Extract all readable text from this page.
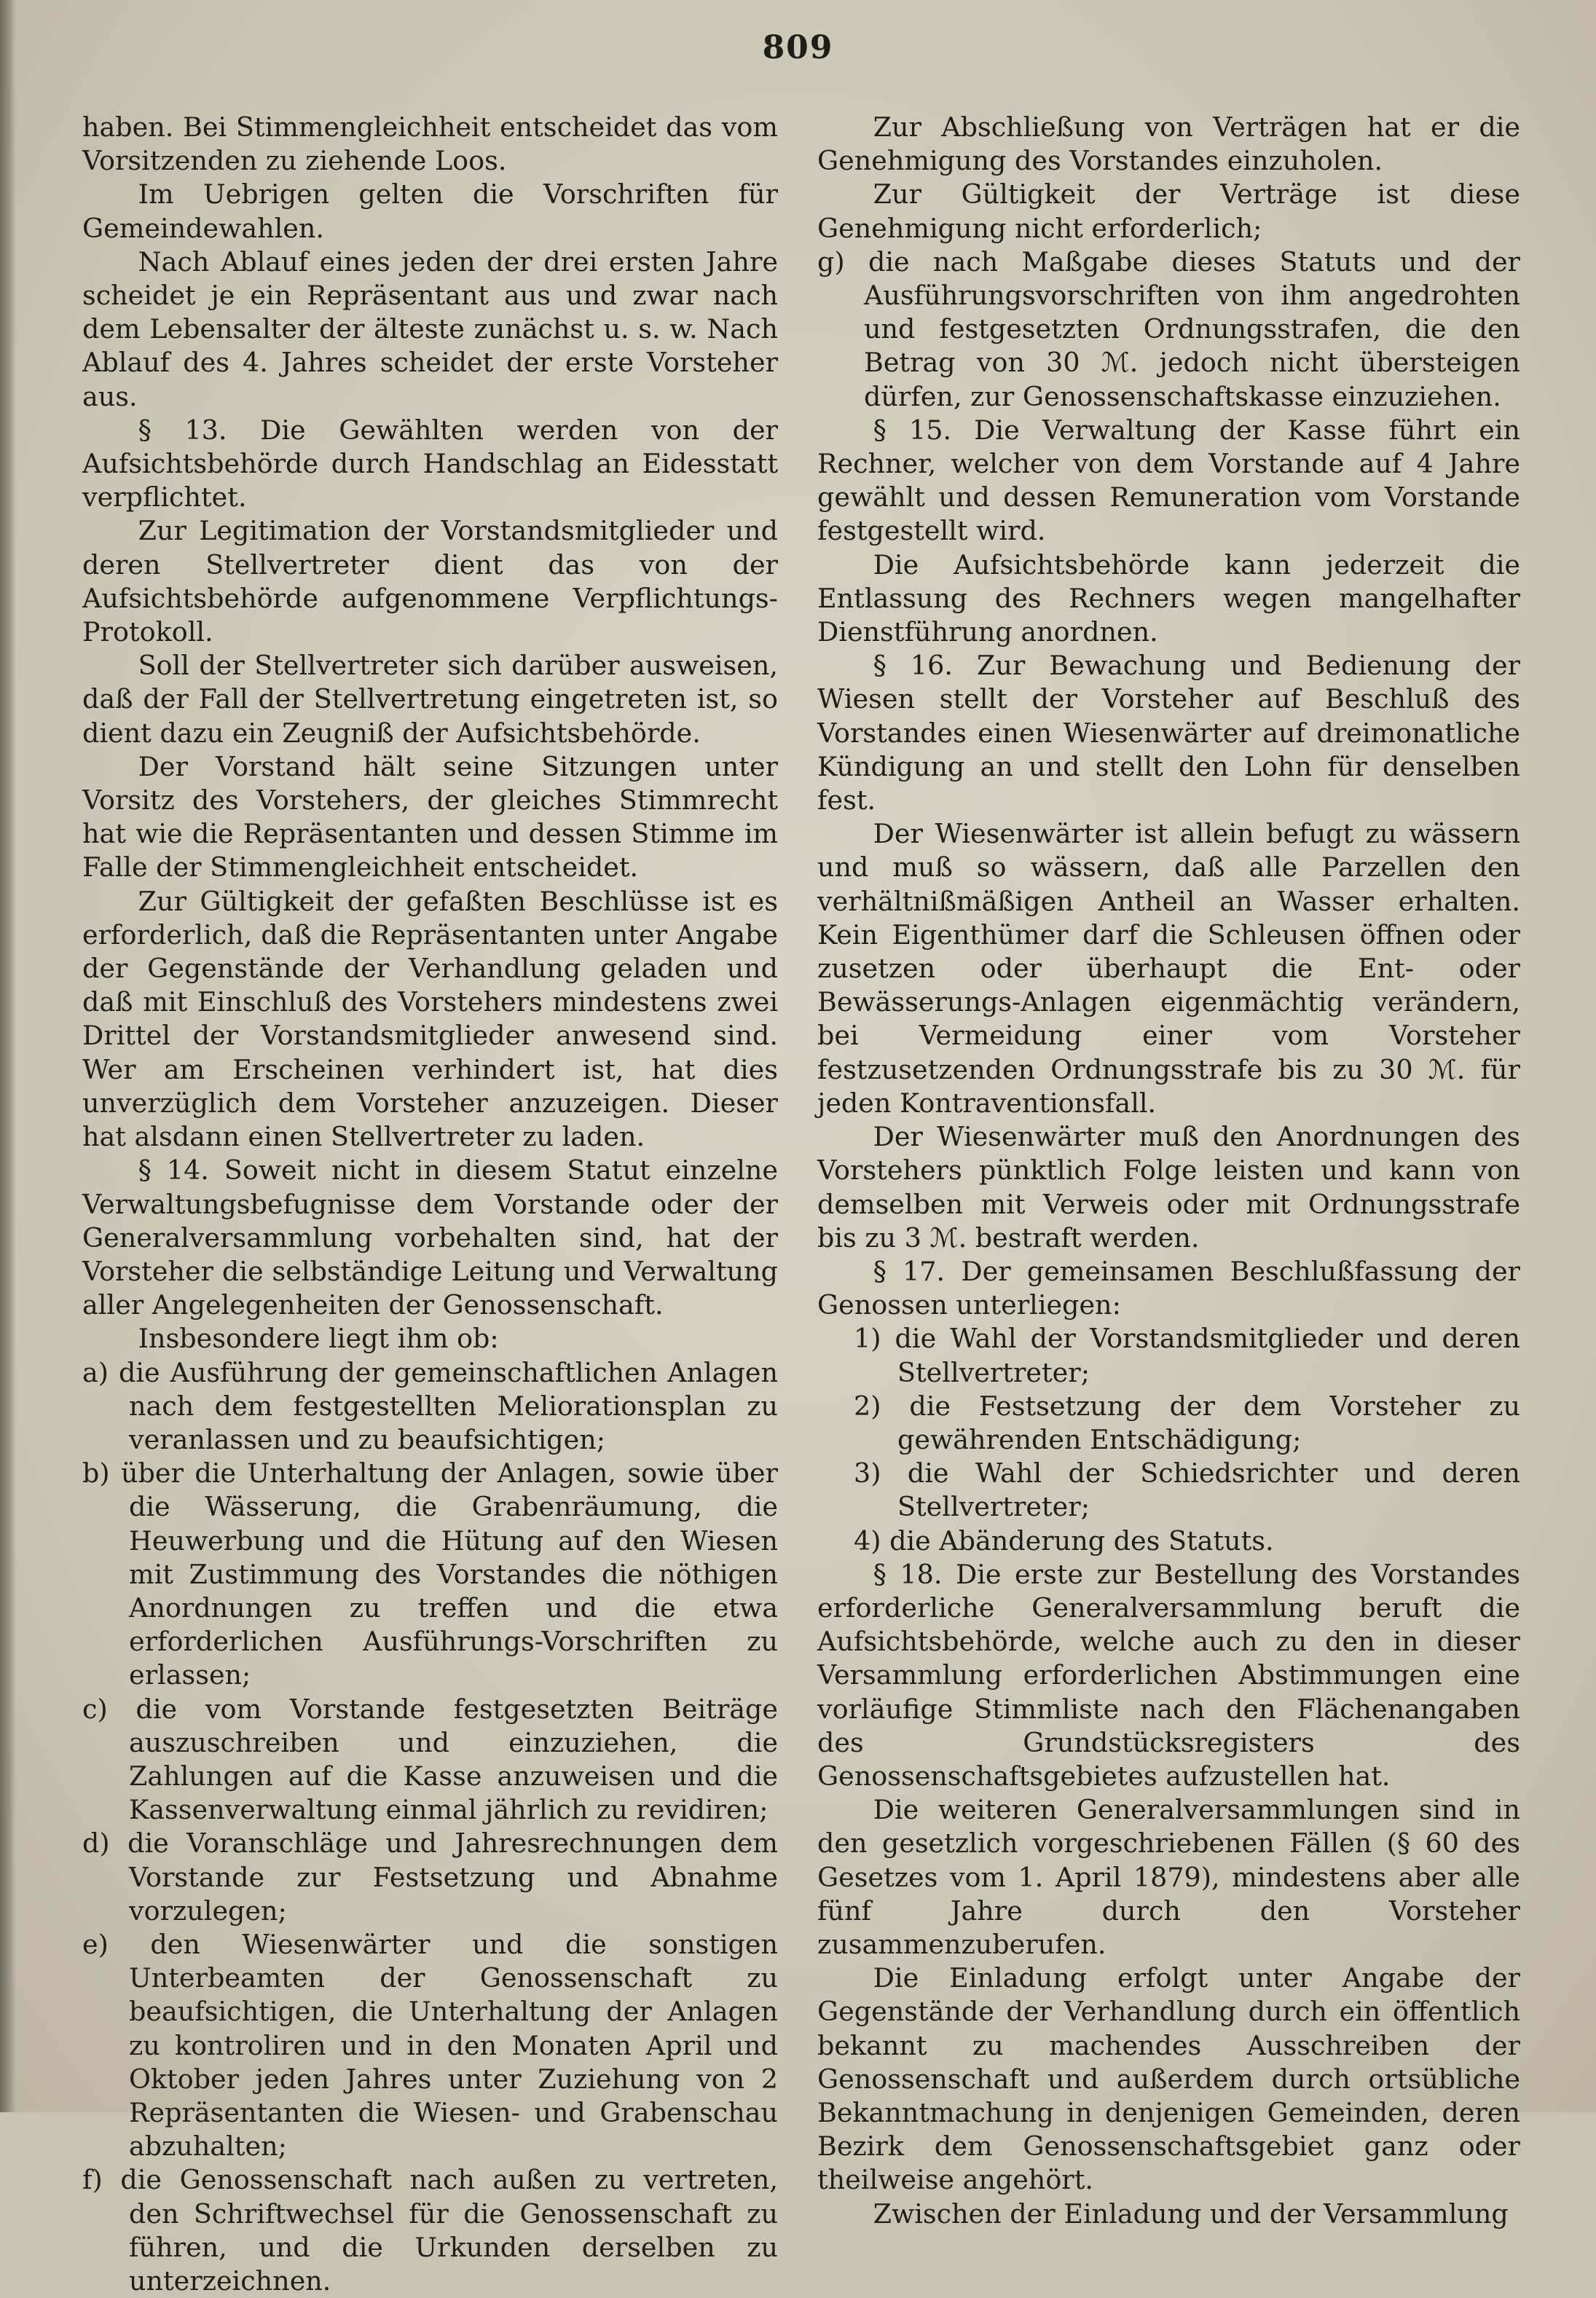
809

haben. Bei Stimmengleichheit entscheidet das vom Vorsitzenden zu ziehende Loos.

Im Uebrigen gelten die Vorschriften für Gemeindewahlen.

Nach Ablauf eines jeden der drei ersten Jahre scheidet je ein Repräsentant aus und zwar nach dem Lebensalter der älteste zunächst u. s. w. Nach Ablauf des 4. Jahres scheidet der erste Vorsteher aus.

§ 13. Die Gewählten werden von der Aufsichtsbehörde durch Handschlag an Eidesstatt verpflichtet.

Zur Legitimation der Vorstandsmitglieder und deren Stellvertreter dient das von der Aufsichtsbehörde aufgenommene Verpflichtungs-Protokoll.

Soll der Stellvertreter sich darüber ausweisen, daß der Fall der Stellvertretung eingetreten ist, so dient dazu ein Zeugniß der Aufsichtsbehörde.

Der Vorstand hält seine Sitzungen unter Vorsitz des Vorstehers, der gleiches Stimmrecht hat wie die Repräsentanten und dessen Stimme im Falle der Stimmengleichheit entscheidet.

Zur Gültigkeit der gefaßten Beschlüsse ist es erforderlich, daß die Repräsentanten unter Angabe der Gegenstände der Verhandlung geladen und daß mit Einschluß des Vorstehers mindestens zwei Drittel der Vorstandsmitglieder anwesend sind. Wer am Erscheinen verhindert ist, hat dies unverzüglich dem Vorsteher anzuzeigen. Dieser hat alsdann einen Stellvertreter zu laden.

§ 14. Soweit nicht in diesem Statut einzelne Verwaltungsbefugnisse dem Vorstande oder der Generalversammlung vorbehalten sind, hat der Vorsteher die selbständige Leitung und Verwaltung aller Angelegenheiten der Genossenschaft.

Insbesondere liegt ihm ob:

a) die Ausführung der gemeinschaftlichen Anlagen nach dem festgestellten Meliorationsplan zu veranlassen und zu beaufsichtigen;

b) über die Unterhaltung der Anlagen, sowie über die Wässerung, die Grabenräumung, die Heuwerbung und die Hütung auf den Wiesen mit Zustimmung des Vorstandes die nöthigen Anordnungen zu treffen und die etwa erforderlichen Ausführungs-Vorschriften zu erlassen;

c) die vom Vorstande festgesetzten Beiträge auszuschreiben und einzuziehen, die Zahlungen auf die Kasse anzuweisen und die Kassenverwaltung einmal jährlich zu revidiren;

d) die Voranschläge und Jahresrechnungen dem Vorstande zur Festsetzung und Abnahme vorzulegen;

e) den Wiesenwärter und die sonstigen Unterbeamten der Genossenschaft zu beaufsichtigen, die Unterhaltung der Anlagen zu kontroliren und in den Monaten April und Oktober jeden Jahres unter Zuziehung von 2 Repräsentanten die Wiesen- und Grabenschau abzuhalten;

f) die Genossenschaft nach außen zu vertreten, den Schriftwechsel für die Genossenschaft zu führen, und die Urkunden derselben zu unterzeichnen.

Zur Abschließung von Verträgen hat er die Genehmigung des Vorstandes einzuholen.

Zur Gültigkeit der Verträge ist diese Genehmigung nicht erforderlich;

g) die nach Maßgabe dieses Statuts und der Ausführungsvorschriften von ihm angedrohten und festgesetzten Ordnungsstrafen, die den Betrag von 30 ℳ. jedoch nicht übersteigen dürfen, zur Genossenschaftskasse einzuziehen.

§ 15. Die Verwaltung der Kasse führt ein Rechner, welcher von dem Vorstande auf 4 Jahre gewählt und dessen Remuneration vom Vorstande festgestellt wird.

Die Aufsichtsbehörde kann jederzeit die Entlassung des Rechners wegen mangelhafter Dienstführung anordnen.

§ 16. Zur Bewachung und Bedienung der Wiesen stellt der Vorsteher auf Beschluß des Vorstandes einen Wiesenwärter auf dreimonatliche Kündigung an und stellt den Lohn für denselben fest.

Der Wiesenwärter ist allein befugt zu wässern und muß so wässern, daß alle Parzellen den verhältnißmäßigen Antheil an Wasser erhalten. Kein Eigenthümer darf die Schleusen öffnen oder zusetzen oder überhaupt die Ent- oder Bewässerungs-Anlagen eigenmächtig verändern, bei Vermeidung einer vom Vorsteher festzusetzenden Ordnungsstrafe bis zu 30 ℳ. für jeden Kontraventionsfall.

Der Wiesenwärter muß den Anordnungen des Vorstehers pünktlich Folge leisten und kann von demselben mit Verweis oder mit Ordnungsstrafe bis zu 3 ℳ. bestraft werden.

§ 17. Der gemeinsamen Beschlußfassung der Genossen unterliegen:

1) die Wahl der Vorstandsmitglieder und deren Stellvertreter;

2) die Festsetzung der dem Vorsteher zu gewährenden Entschädigung;

3) die Wahl der Schiedsrichter und deren Stellvertreter;

4) die Abänderung des Statuts.

§ 18. Die erste zur Bestellung des Vorstandes erforderliche Generalversammlung beruft die Aufsichtsbehörde, welche auch zu den in dieser Versammlung erforderlichen Abstimmungen eine vorläufige Stimmliste nach den Flächenangaben des Grundstücksregisters des Genossenschaftsgebietes aufzustellen hat.

Die weiteren Generalversammlungen sind in den gesetzlich vorgeschriebenen Fällen (§ 60 des Gesetzes vom 1. April 1879), mindestens aber alle fünf Jahre durch den Vorsteher zusammenzuberufen.

Die Einladung erfolgt unter Angabe der Gegenstände der Verhandlung durch ein öffentlich bekannt zu machendes Ausschreiben der Genossenschaft und außerdem durch ortsübliche Bekanntmachung in denjenigen Gemeinden, deren Bezirk dem Genossenschaftsgebiet ganz oder theilweise angehört.

Zwischen der Einladung und der Versammlung
